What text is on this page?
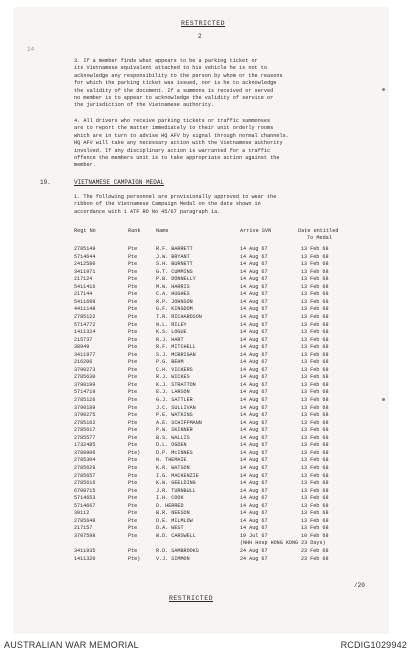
RESTRICTED
2
14
3. If a member finds what appears to be a parking ticket or
its Vietnamese equivalent attached to his vehicle he is not to
acknowledge any responsibility to the person by whom or the reasons
for which the parking ticket was issued, nor is he to acknowledge
the validity of the document. If a summons is received or served
no member is to appear to acknowledge the validity of service or
the jurisdiction of the Vietnamese authority.
4. All drivers who receive parking tickets or traffic summonses
are to report the matter immediately to their unit orderly rooms
which are in turn to advise HQ AFV by signal through normal channels.
HQ AFV will take any necessary action with the Vietnamese authority
involved. If any disciplinary action is warranted for a traffic
offence the members unit is to take appropriate action against the
member.
19.	VIETNAMESE CAMPAIGN MEDAL
1. The following personnel are provisionally approved to wear the
ribbon of the Vietnamese Campaign Medal on the date shown in
accordance with 1 ATF RO No 45/67 paragraph 1a.
Regt No	Rank	Name	Arrive SVN	Date entitled
To Medal
2785149	Pte	R.F. BARRETT	14 Aug 67	13 Feb 68
5714644	Pte	J.W. BRYANT	14 Aug 67	13 Feb 68
2412580	Pte	S.H. BURNETT	14 Aug 67	13 Feb 68
3411971	Pte	G.T. CUMMINS	14 Aug 67	13 Feb 68
217124	Pte	P.B. DONNELLY	14 Aug 67	13 Feb 68
5411416	Pte	M.W. HARRIS	14 Aug 67	13 Feb 68
217144	Pte	C.A. HUGHES	14 Aug 67	13 Feb 68
5411699	Pte	R.P. JOHNSON	14 Aug 67	13 Feb 68
4411148	Pte	G.F. KINGDOM	14 Aug 67	13 Feb 68
2785122	Pte	T.R. RICHARDSON	14 Aug 67	13 Feb 68
5714772	Pte	N.L. RILEY	14 Aug 67	13 Feb 68
1411324	Pte	K.S. LOGUE	14 Aug 67	13 Feb 68
215737	Pte	R.J. HART	14 Aug 67	13 Feb 68
38949	Pte	R.F. MITCHELL	14 Aug 67	13 Feb 68
3411977	Pte	S.J. MCBRIGAN	14 Aug 67	13 Feb 68
216206	Pte	P.G. BEHM	14 Aug 67	13 Feb 68
3790273	Pte	C.H. VICKERS	14 Aug 67	13 Feb 68
2785630	Pte	R.J. WICKES	14 Aug 67	13 Feb 68
3790199	Pte	K.J. STRATTON	14 Aug 67	13 Feb 68
5714719	Pte	E.J. LARSON	14 Aug 67	13 Feb 68
2785126	Pte	G.J. SATTLER	14 Aug 67	13 Feb 68
3790189	Pte	J.C. SULLIVAN	14 Aug 67	13 Feb 68
3790275	Pte	P.E. WATKINS	14 Aug 67	13 Feb 68
2785162	Pte	A.E. SCHIFFMANN	14 Aug 67	13 Feb 68
2785617	Pte	P.W. SKINNER	14 Aug 67	13 Feb 68
2785577	Pte	B.S. WALLIS	14 Aug 67	13 Feb 68
1732485	Pte	D.L. OGDEN	14 Aug 67	13 Feb 68
3789906	Pte)	D.P. McINNES	14 Aug 67	13 Feb 68
2785304	Pte	N. THEMAIE	14 Aug 67	13 Feb 68
2785629	Pte	K.R. WATSON	14 Aug 67	13 Feb 68
2785657	Pte	I.G. MACKENZIE	14 Aug 67	13 Feb 68
2785616	Pte	K.W. GEELDING	14 Aug 67	13 Feb 68
6708715	Pte	J.R. TURNBULL	14 Aug 67	13 Feb 68
5714653	Pte	I.H. COOK	14 Aug 67	13 Feb 68
5714667	Pte	D. HERRED	14 Aug 67	13 Feb 68
39112	Pte	B.R. NEESON	14 Aug 67	13 Feb 68
2785648	Pte	D.E. MILMLOW	14 Aug 67	13 Feb 68
217157	Pte	D.A. WEST	14 Aug 67	13 Feb 68
3707598	Pte	W.D. CARSWELL	19 Jul 67	10 Feb 68
(NHH Hosp HONG KONG 23 Days)
3411935	Pte	R.D. SAMBROOKS	24 Aug 67	23 Feb 68
1411320	Pte)	V.J. SIMMON	24 Aug 67	23 Feb 68
/20
RESTRICTED
AUSTRALIAN WAR MEMORIAL	RCDIG1029942
